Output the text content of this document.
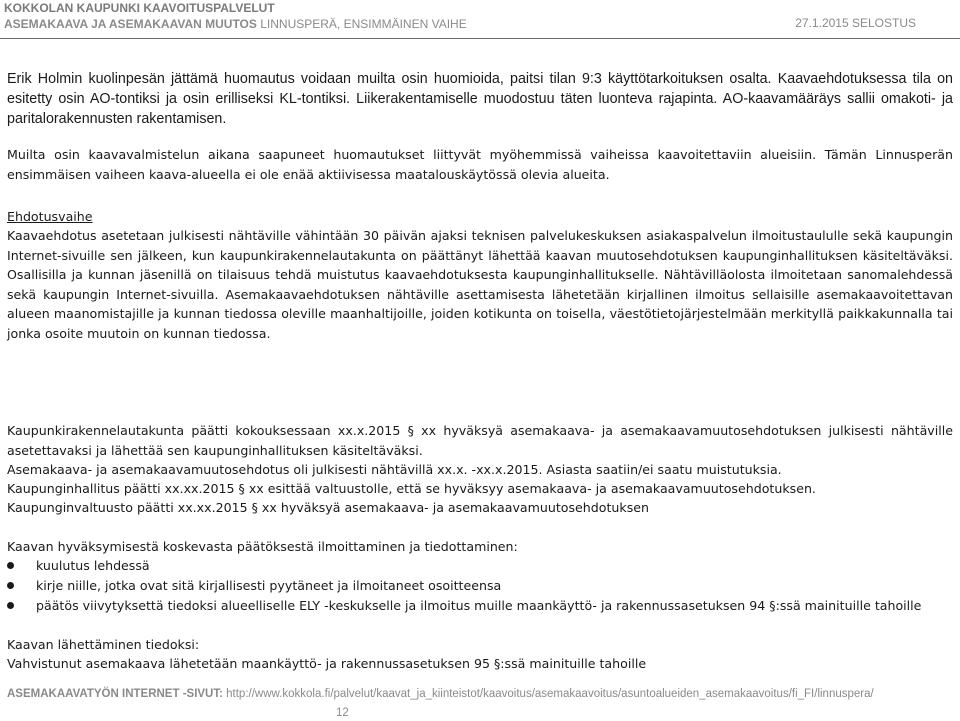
KOKKOLAN KAUPUNKI KAAVOITUSPALVELUT
ASEMAKAAVA JA ASEMAKAAVAN MUUTOS LINNUSPERÄ, ENSIMMÄINEN VAIHE	27.1.2015 SELOSTUS
Erik Holmin kuolinpesän jättämä huomautus voidaan muilta osin huomioida, paitsi tilan 9:3 käyttötarkoituksen osalta. Kaavaehdotuksessa tila on esitetty osin AO-tontiksi ja osin erilliseksi KL-tontiksi. Liikerakentamiselle muodostuu täten luonteva rajapinta. AO-kaavamääräys sallii omakoti- ja paritalorakennusten rakentamisen.
Muilta osin kaavavalmistelun aikana saapuneet huomautukset liittyvät myöhemmissä vaiheissa kaavoitettaviin alueisiin. Tämän Linnusperän ensimmäisen vaiheen kaava-alueella ei ole enää aktiivisessa maatalouskäytössä olevia alueita.
Ehdotusvaihe
Kaavaehdotus asetetaan julkisesti nähtäville vähintään 30 päivän ajaksi teknisen palvelukeskuksen asiakaspalvelun ilmoitustaululle sekä kaupungin Internet-sivuille sen jälkeen, kun kaupunkirakennelautakunta on päättänyt lähettää kaavan muutosehdotuksen kaupunginhallituksen käsiteltäväksi. Osallisilla ja kunnan jäsenillä on tilaisuus tehdä muistutus kaavaehdotuksesta kaupunginhallitukselle. Nähtävilläolosta ilmoitetaan sanomalehdessä sekä kaupungin Internet-sivuilla. Asemakaavaehdotuksen nähtäville asettamisesta lähetetään kirjallinen ilmoitus sellaisille asemakaavoitettavan alueen maanomistajille ja kunnan tiedossa oleville maanhaltijoille, joiden kotikunta on toisella, väestötietojärjestelmään merkityllä paikkakunnalla tai jonka osoite muutoin on kunnan tiedossa.
Kaupunkirakennelautakunta päätti kokouksessaan xx.x.2015 § xx hyväksyä asemakaava- ja asemakaavamuutosehdotuksen julkisesti nähtäville asetettavaksi ja lähettää sen kaupunginhallituksen käsiteltäväksi.
Asemakaava- ja asemakaavamuutosehdotus oli julkisesti nähtävillä xx.x. -xx.x.2015. Asiasta saatiin/ei saatu muistutuksia.
Kaupunginhallitus päätti xx.xx.2015 § xx esittää valtuustolle, että se hyväksyy asemakaava- ja asemakaavamuutosehdotuksen.
Kaupunginvaltuusto päätti xx.xx.2015 § xx hyväksyä asemakaava- ja asemakaavamuutosehdotuksen
Kaavan hyväksymisestä koskevasta päätöksestä ilmoittaminen ja tiedottaminen:
kuulutus lehdessä
kirje niille, jotka ovat sitä kirjallisesti pyytäneet ja ilmoitaneet osoitteensa
päätös viivytyksettä tiedoksi alueelliselle ELY -keskukselle ja ilmoitus muille maankäyttö- ja rakennussasetuksen 94 §:ssä mainituille tahoille
Kaavan lähettäminen tiedoksi:
Vahvistunut asemakaava lähetetään maankäyttö- ja rakennussasetuksen 95 §:ssä mainituille tahoille
ASEMAKAAVATYÖN INTERNET -SIVUT: http://www.kokkola.fi/palvelut/kaavat_ja_kiinteistot/kaavoitus/asemakaavoitus/asuntoalueiden_asemakaavoitus/fi_FI/linnuspera/
12
